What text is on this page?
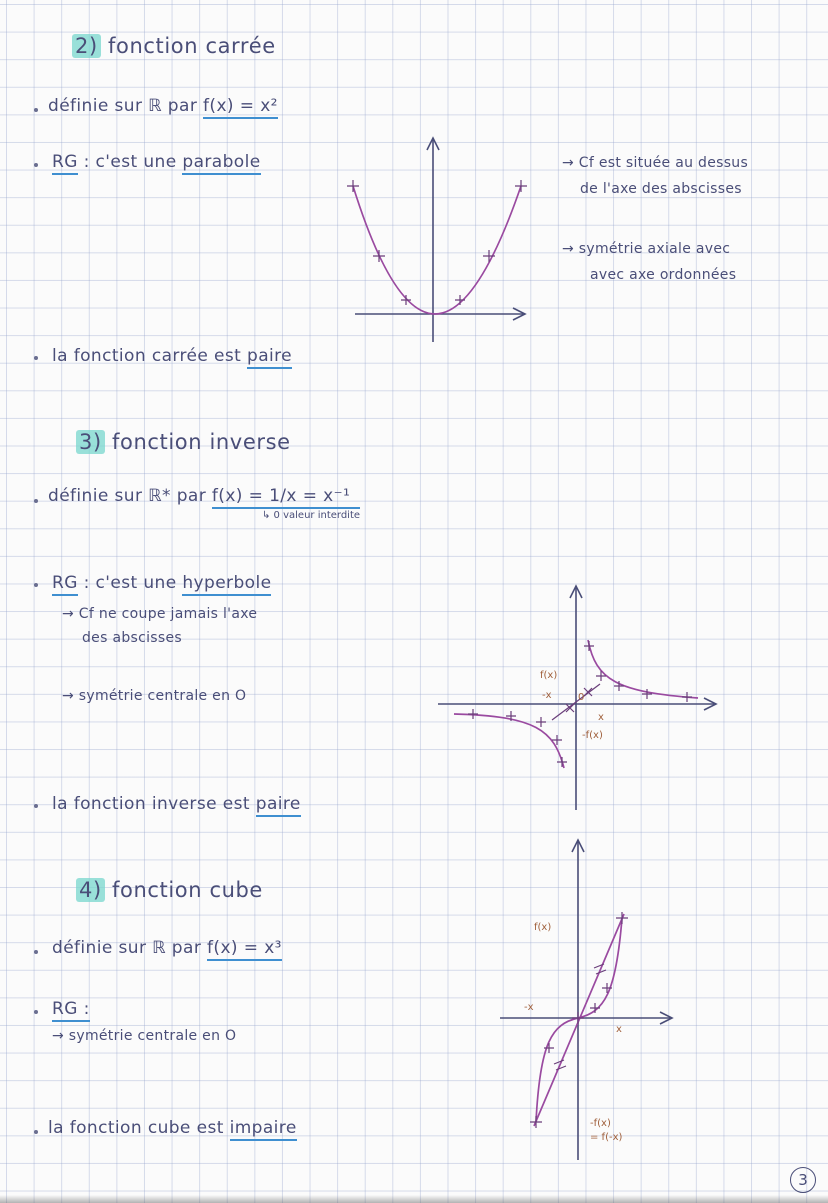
2) fonction carrée
définie sur ℝ par f(x) = x²
RG : c'est une parabole	→ Cf est située au dessus
de l'axe des abscisses
→ symétrie axiale avec
avec axe ordonnées
la fonction carrée est paire
3) fonction inverse
définie sur ℝ* par f(x) = 1/x = x⁻¹
↳ 0 valeur interdite
RG : c'est une hyperbole
→ Cf ne coupe jamais l'axe
des abscisses
→ symétrie centrale en O
f(x)
-x	0
x
-f(x)
la fonction inverse est paire
4) fonction cube
définie sur ℝ par f(x) = x³
RG :
→ symétrie centrale en O
f(x)
-x
x
-f(x)
= f(-x)
la fonction cube est impaire
3
